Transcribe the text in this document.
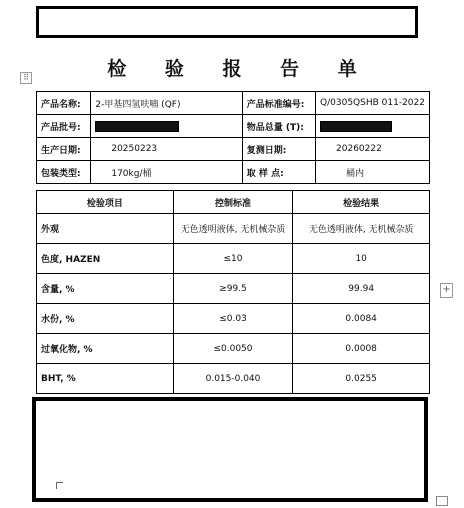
⠿	检 验 报 告 单
产品名称:	2-甲基四氢呋喃 (QF)	产品标准编号:	Q/0305QSHB 011-2022
产品批号:		物品总量 (T):	
生产日期:	20250223	复测日期:	20260222
包装类型:	170kg/桶	取 样 点:	桶内
检验项目	控制标准	检验结果
外观	无色透明液体, 无机械杂质	无色透明液体, 无机械杂质
色度, HAZEN	≤10	10
含量, %	≥99.5	99.94
水份, %	≤0.03	0.0084
过氧化物, %	≤0.0050	0.0008
BHT, %	0.015-0.040	0.0255
+
